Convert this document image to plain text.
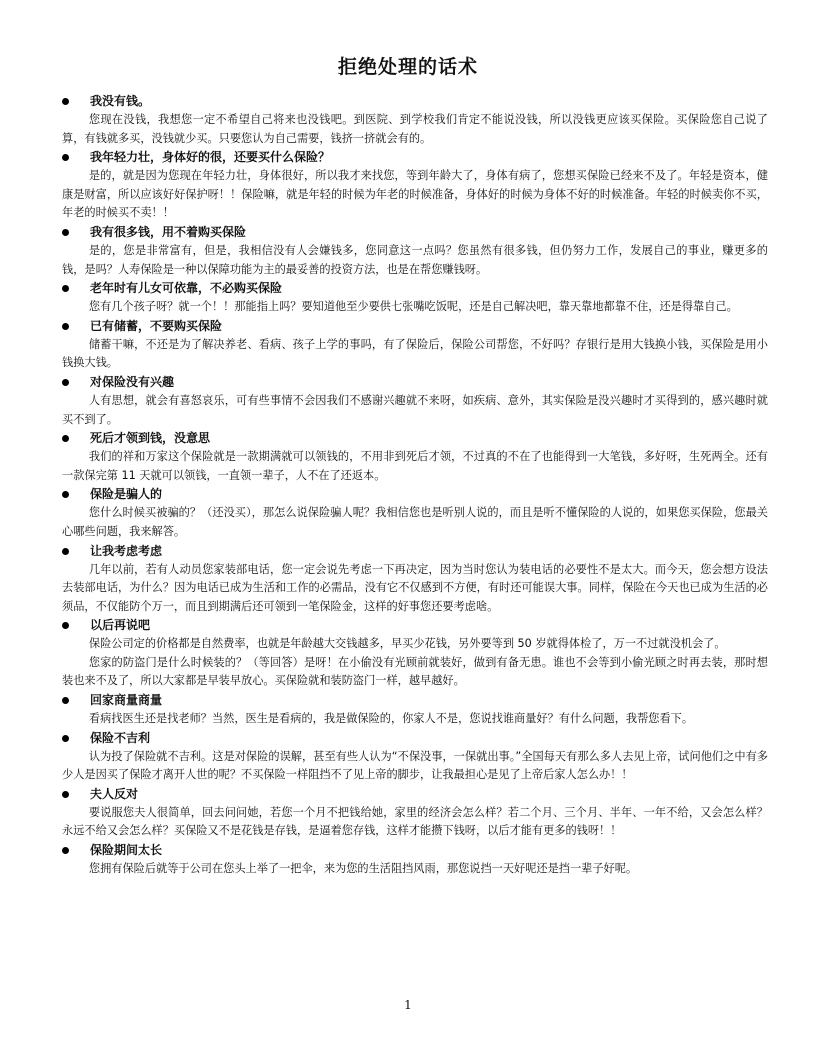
拒绝处理的话术
我没有钱。

您现在没钱，我想您一定不希望自己将来也没钱吧。到医院、到学校我们肯定不能说没钱，所以没钱更应该买保险。买保险您自己说了算，有钱就多买，没钱就少买。只要您认为自己需要，钱挤一挤就会有的。

我年轻力壮，身体好的很，还要买什么保险？

是的，就是因为您现在年轻力壮，身体很好，所以我才来找您，等到年龄大了，身体有病了，您想买保险已经来不及了。年轻是资本，健康是财富，所以应该好好保护呀！！保险嘛，就是年轻的时候为年老的时候准备，身体好的时候为身体不好的时候准备。年轻的时候卖你不买，年老的时候买不卖！！

我有很多钱，用不着购买保险

是的，您是非常富有，但是，我相信没有人会嫌钱多，您同意这一点吗？您虽然有很多钱，但仍努力工作，发展自己的事业，赚更多的钱，是吗？人寿保险是一种以保障功能为主的最妥善的投资方法，也是在帮您赚钱呀。

老年时有儿女可依靠，不必购买保险

您有几个孩子呀？就一个！！那能指上吗？要知道他至少要供七张嘴吃饭呢，还是自己解决吧，靠天靠地都靠不住，还是得靠自己。

已有储蓄，不要购买保险

储蓄干嘛，不还是为了解决养老、看病、孩子上学的事吗，有了保险后，保险公司帮您，不好吗？存银行是用大钱换小钱，买保险是用小钱换大钱。

对保险没有兴趣

人有思想，就会有喜怒哀乐，可有些事情不会因我们不感谢兴趣就不来呀，如疾病、意外，其实保险是没兴趣时才买得到的，感兴趣时就买不到了。

死后才领到钱，没意思

我们的祥和万家这个保险就是一款期满就可以领钱的，不用非到死后才领，不过真的不在了也能得到一大笔钱，多好呀，生死两全。还有一款保完第 11 天就可以领钱，一直领一辈子，人不在了还返本。

保险是骗人的

您什么时候买被骗的？（还没买），那怎么说保险骗人呢？我相信您也是听别人说的，而且是听不懂保险的人说的，如果您买保险，您最关心哪些问题，我来解答。

让我考虑考虑

几年以前，若有人动员您家装部电话，您一定会说先考虑一下再决定，因为当时您认为装电话的必要性不是太大。而今天，您会想方设法去装部电话，为什么？因为电话已成为生活和工作的必需品，没有它不仅感到不方便，有时还可能误大事。同样，保险在今天也已成为生活的必须品，不仅能防个万一，而且到期满后还可领到一笔保险金，这样的好事您还要考虑啥。

以后再说吧

保险公司定的价格都是自然费率，也就是年龄越大交钱越多，早买少花钱，另外要等到 50 岁就得体检了，万一不过就没机会了。

您家的防盗门是什么时候装的？（等回答）是呀！在小偷没有光顾前就装好，做到有备无患。谁也不会等到小偷光顾之时再去装，那时想装也来不及了，所以大家都是早装早放心。买保险就和装防盗门一样，越早越好。

回家商量商量

看病找医生还是找老师？当然，医生是看病的，我是做保险的，你家人不是，您说找谁商量好？有什么问题，我帮您看下。

保险不吉利

认为投了保险就不吉利。这是对保险的误解，甚至有些人认为“不保没事，一保就出事。”全国每天有那么多人去见上帝，试问他们之中有多少人是因买了保险才离开人世的呢？不买保险一样阻挡不了见上帝的脚步，让我最担心是见了上帝后家人怎么办！！

夫人反对

要说服您夫人很简单，回去问问她，若您一个月不把钱给她，家里的经济会怎么样？若二个月、三个月、半年、一年不给，又会怎么样？永远不给又会怎么样？买保险又不是花钱是存钱，是逼着您存钱，这样才能攒下钱呀，以后才能有更多的钱呀！！

保险期间太长

您拥有保险后就等于公司在您头上举了一把伞，来为您的生活阻挡风雨，那您说挡一天好呢还是挡一辈子好呢。

1
